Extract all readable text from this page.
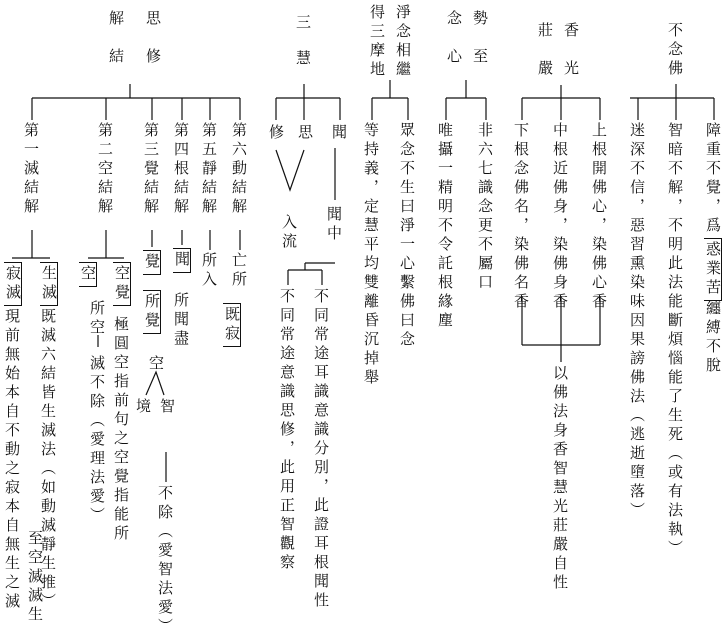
不念佛
障重不覺，爲
惑業苦
纏縛不脫
智暗不解，不明此法能斷煩惱能了生死（或有法執）
迷深不信，惡習熏染味因果謗佛法（逃逝墮落）
香　光
莊　嚴
上根開佛心，染佛心香
中根近佛身，染佛身香
下根念佛名，染佛名香
以佛法身香智慧光莊嚴自性
勢　至
念　心
非六七識念更不屬口
唯攝一精明不令託根緣塵
淨念相繼
得三摩地
眾念不生曰淨一心繫佛曰念
等持義，定慧平均雙離昏沉掉舉
三
慧
聞
聞中
思
修
入流
不同常途耳識意識分別，此證耳根聞性
不同常途意識思修，此用正智觀察
思　修
解　結
第六動結解
亡所
第五靜結解
所入
既寂
第四根結解
聞
所聞盡
第三覺結解
覺
所覺
空
境 智
不除（愛智法愛）
第二空結解
空覺
極圓空指前句之空覺指能所
空
所空
滅不除（愛理法愛）
第一滅結解
生滅
既滅六結皆生滅法（如動滅靜生推）
至空滅滅生
寂滅
現前無始本自不動之寂本自無生之滅
